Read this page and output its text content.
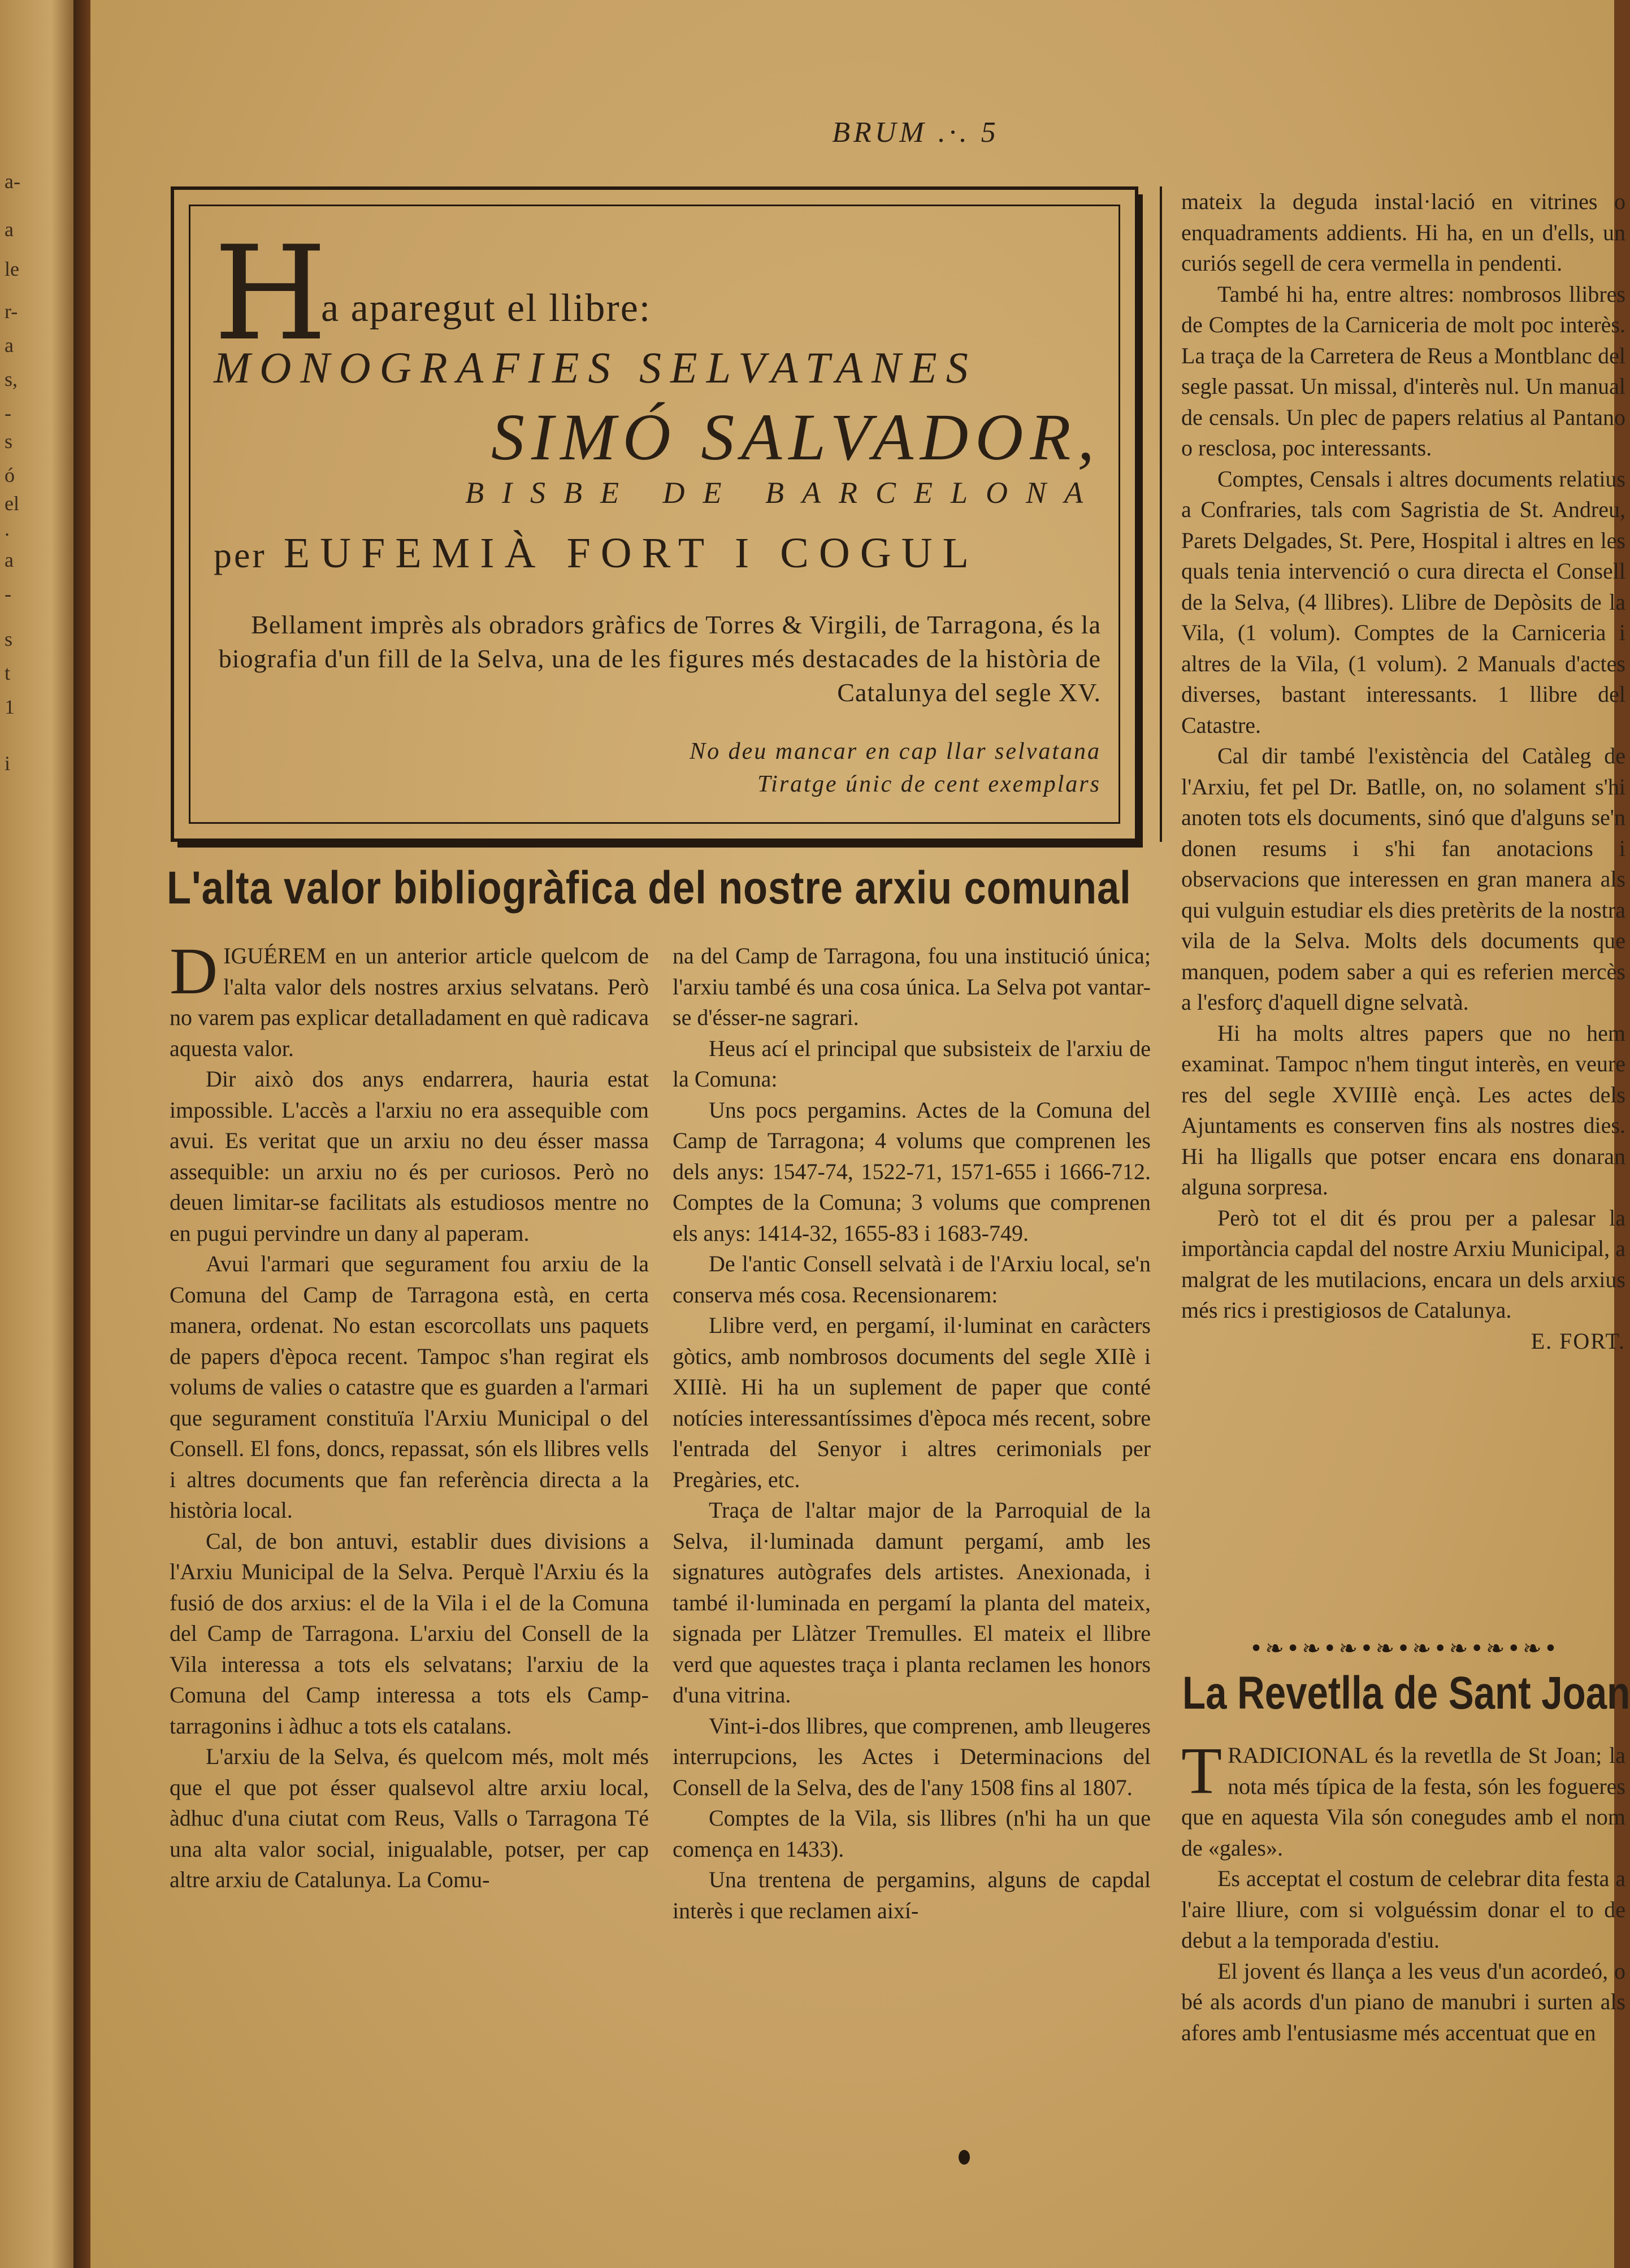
a-
a
le
r-
a
s,
-
s
ó
el
.
a
-
s
t
1
i
BRUM .·. 5
H
a aparegut el llibre:
MONOGRAFIES SELVATANES
SIMÓ SALVADOR,
BISBE DE BARCELONA
per EUFEMIÀ FORT I COGUL
Bellament imprès als obradors gràfics de Torres & Virgili, de Tarragona, és la biografia d'un fill de la Selva, una de les figures més destacades de la història de Catalunya del segle XV.
No deu mancar en cap llar selvatana
Tiratge únic de cent exemplars
L'alta valor bibliogràfica del nostre arxiu comunal

DIGUÉREM en un anterior article quelcom de l'alta valor dels nostres arxius selvatans. Però no varem pas explicar detalladament en què radicava aquesta valor.

Dir això dos anys endarrera, hauria estat impossible. L'accès a l'arxiu no era assequible com avui. Es veritat que un arxiu no deu ésser massa assequible: un arxiu no és per curiosos. Però no deuen limitar-se facilitats als estudiosos mentre no en pugui pervindre un dany al paperam.

Avui l'armari que segurament fou arxiu de la Comuna del Camp de Tarragona està, en certa manera, ordenat. No estan escorcollats uns paquets de papers d'època recent. Tampoc s'han regirat els volums de valies o catastre que es guarden a l'armari que segurament constituïa l'Arxiu Municipal o del Consell. El fons, doncs, repassat, són els llibres vells i altres documents que fan referència directa a la història local.

Cal, de bon antuvi, establir dues divisions a l'Arxiu Municipal de la Selva. Perquè l'Arxiu és la fusió de dos arxius: el de la Vila i el de la Comuna del Camp de Tarragona. L'arxiu del Consell de la Vila interessa a tots els selvatans; l'arxiu de la Comuna del Camp interessa a tots els Camp-tarragonins i àdhuc a tots els catalans.

L'arxiu de la Selva, és quelcom més, molt més que el que pot ésser qualsevol altre arxiu local, àdhuc d'una ciutat com Reus, Valls o Tarragona Té una alta valor social, inigualable, potser, per cap altre arxiu de Catalunya. La Comu-

na del Camp de Tarragona, fou una institució única; l'arxiu també és una cosa única. La Selva pot vantar-se d'ésser-ne sagrari.

Heus ací el principal que subsisteix de l'arxiu de la Comuna:

Uns pocs pergamins. Actes de la Comuna del Camp de Tarragona; 4 volums que comprenen les dels anys: 1547-74, 1522-71, 1571-655 i 1666-712. Comptes de la Comuna; 3 volums que comprenen els anys: 1414-32, 1655-83 i 1683-749.

De l'antic Consell selvatà i de l'Arxiu local, se'n conserva més cosa. Recensionarem:

Llibre verd, en pergamí, il·luminat en caràcters gòtics, amb nombrosos documents del segle XIIè i XIIIè. Hi ha un suplement de paper que conté notícies interessantíssimes d'època més recent, sobre l'entrada del Senyor i altres cerimonials per Pregàries, etc.

Traça de l'altar major de la Parroquial de la Selva, il·luminada damunt pergamí, amb les signatures autògrafes dels artistes. Anexionada, i també il·luminada en pergamí la planta del mateix, signada per Llàtzer Tremulles. El mateix el llibre verd que aquestes traça i planta reclamen les honors d'una vitrina.

Vint-i-dos llibres, que comprenen, amb lleugeres interrupcions, les Actes i Determinacions del Consell de la Selva, des de l'any 1508 fins al 1807.

Comptes de la Vila, sis llibres (n'hi ha un que comença en 1433).

Una trentena de pergamins, alguns de capdal interès i que reclamen així-

mateix la deguda instal·lació en vitrines o enquadraments addients. Hi ha, en un d'ells, un curiós segell de cera vermella in pendenti.

També hi ha, entre altres: nombrosos llibres de Comptes de la Carniceria de molt poc interès. La traça de la Carretera de Reus a Montblanc del segle passat. Un missal, d'interès nul. Un manual de censals. Un plec de papers relatius al Pantano o resclosa, poc interessants.

Comptes, Censals i altres documents relatius a Confraries, tals com Sagristia de St. Andreu, Parets Delgades, St. Pere, Hospital i altres en les quals tenia intervenció o cura directa el Consell de la Selva, (4 llibres). Llibre de Depòsits de la Vila, (1 volum). Comptes de la Carniceria i altres de la Vila, (1 volum). 2 Manuals d'actes diverses, bastant interessants. 1 llibre del Catastre.

Cal dir també l'existència del Catàleg de l'Arxiu, fet pel Dr. Batlle, on, no solament s'hi anoten tots els documents, sinó que d'alguns se'n donen resums i s'hi fan anotacions i observacions que interessen en gran manera als qui vulguin estudiar els dies pretèrits de la nostra vila de la Selva. Molts dels documents que manquen, podem saber a qui es referien mercès a l'esforç d'aquell digne selvatà.

Hi ha molts altres papers que no hem examinat. Tampoc n'hem tingut interès, en veure res del segle XVIIIè ençà. Les actes dels Ajuntaments es conserven fins als nostres dies. Hi ha lligalls que potser encara ens donaran alguna sorpresa.

Però tot el dit és prou per a palesar la importància capdal del nostre Arxiu Municipal, a malgrat de les mutilacions, encara un dels arxius més rics i prestigiosos de Catalunya.

E. FORT.

•❧•❧•❧•❧•❧•❧•❧•❧•
La Revetlla de Sant Joan

TRADICIONAL és la revetlla de St Joan; la nota més típica de la festa, són les fogueres que en aquesta Vila són conegudes amb el nom de «gales».

Es acceptat el costum de celebrar dita festa a l'aire lliure, com si volguéssim donar el to de debut a la temporada d'estiu.

El jovent és llança a les veus d'un acordeó, o bé als acords d'un piano de manubri i surten als afores amb l'entusiasme més accentuat que en
